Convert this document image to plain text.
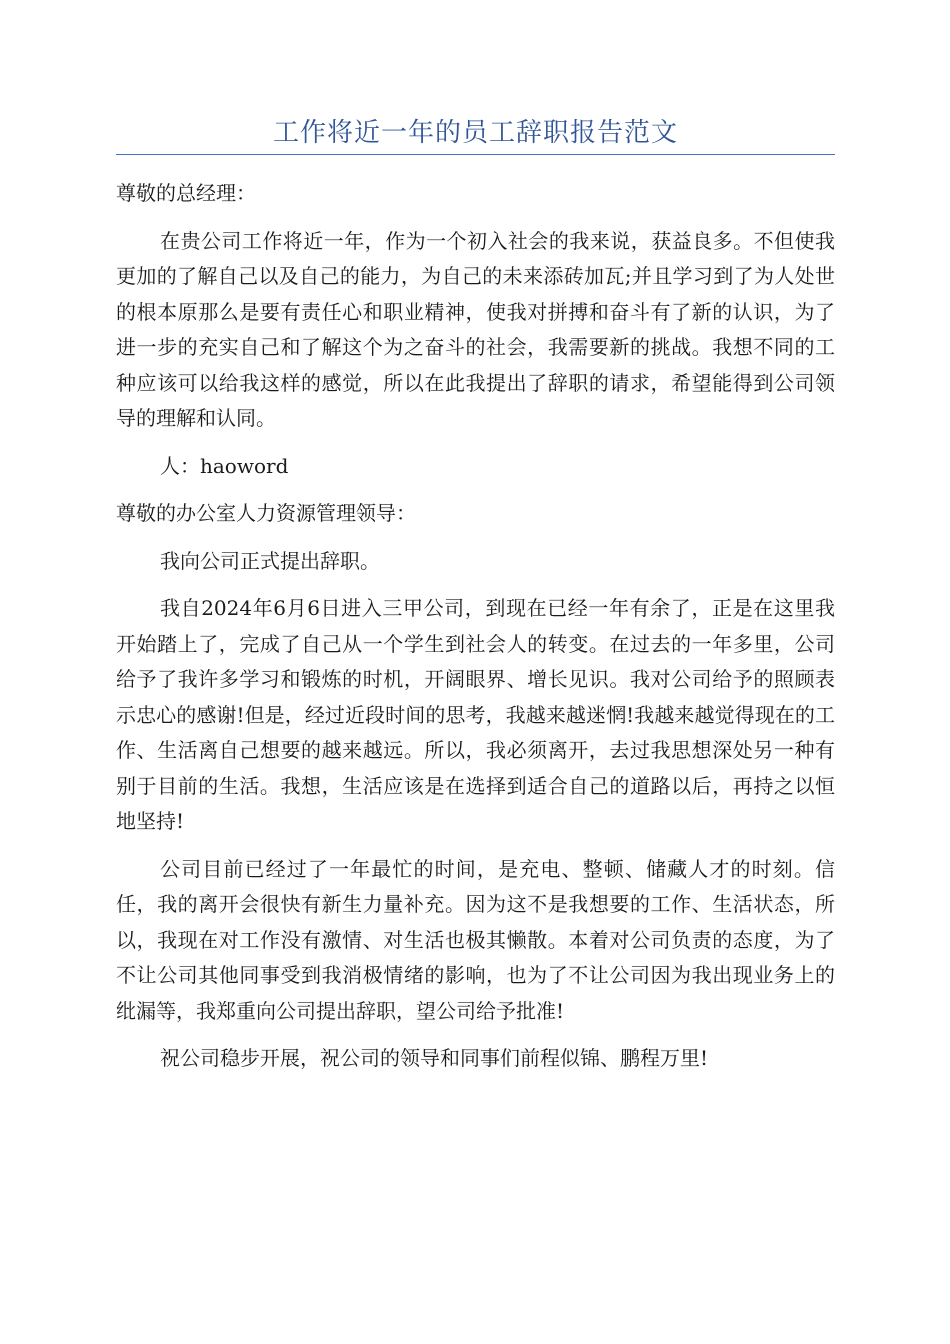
工作将近一年的员工辞职报告范文

尊敬的总经理：

在贵公司工作将近一年，作为一个初入社会的我来说，获益良多。不但使我更加的了解自己以及自己的能力，为自己的未来添砖加瓦;并且学习到了为人处世的根本原那么是要有责任心和职业精神，使我对拼搏和奋斗有了新的认识，为了进一步的充实自己和了解这个为之奋斗的社会，我需要新的挑战。我想不同的工种应该可以给我这样的感觉，所以在此我提出了辞职的请求，希望能得到公司领导的理解和认同。

人：haoword

尊敬的办公室人力资源管理领导：

我向公司正式提出辞职。

我自2024年6月6日进入三甲公司，到现在已经一年有余了，正是在这里我开始踏上了，完成了自己从一个学生到社会人的转变。在过去的一年多里，公司给予了我许多学习和锻炼的时机，开阔眼界、增长见识。我对公司给予的照顾表示忠心的感谢!但是，经过近段时间的思考，我越来越迷惘!我越来越觉得现在的工作、生活离自己想要的越来越远。所以，我必须离开，去过我思想深处另一种有别于目前的生活。我想，生活应该是在选择到适合自己的道路以后，再持之以恒地坚持!

公司目前已经过了一年最忙的时间，是充电、整顿、储藏人才的时刻。信任，我的离开会很快有新生力量补充。因为这不是我想要的工作、生活状态，所以，我现在对工作没有激情、对生活也极其懒散。本着对公司负责的态度，为了不让公司其他同事受到我消极情绪的影响，也为了不让公司因为我出现业务上的纰漏等，我郑重向公司提出辞职，望公司给予批准!

祝公司稳步开展，祝公司的领导和同事们前程似锦、鹏程万里!
